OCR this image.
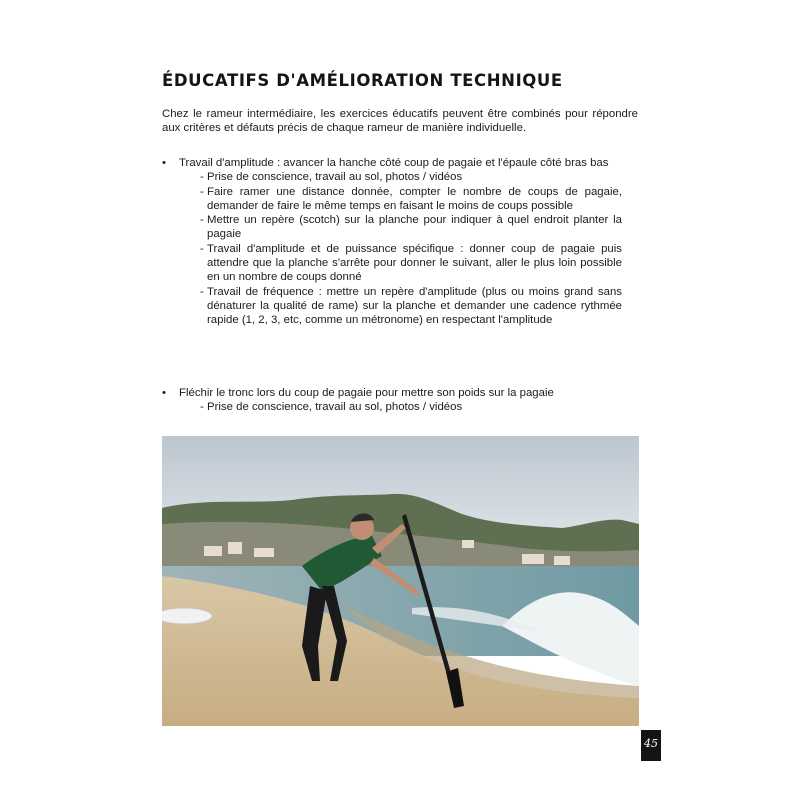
ÉDUCATIFS D'AMÉLIORATION TECHNIQUE

Chez le rameur intermédiaire, les exercices éducatifs peuvent être combinés pour répondre aux critères et défauts précis de chaque rameur de manière individuelle.

• Travail d'amplitude : avancer la hanche côté coup de pagaie et l'épaule côté bras bas
- Prise de conscience, travail au sol, photos / vidéos
- Faire ramer une distance donnée, compter le nombre de coups de pagaie, demander de faire le même temps en faisant le moins de coups possible
- Mettre un repère (scotch) sur la planche pour indiquer à quel endroit planter la pagaie
- Travail d'amplitude et de puissance spécifique : donner coup de pagaie puis attendre que la planche s'arrête pour donner le suivant, aller le plus loin possible en un nombre de coups donné
- Travail de fréquence : mettre un repère d'amplitude (plus ou moins grand sans dénaturer la qualité de rame) sur la planche et demander une cadence rythmée rapide (1, 2, 3, etc, comme un métronome) en respectant l'amplitude
• Fléchir le tronc lors du coup de pagaie pour mettre son poids sur la pagaie
- Prise de conscience, travail au sol, photos / vidéos
45
